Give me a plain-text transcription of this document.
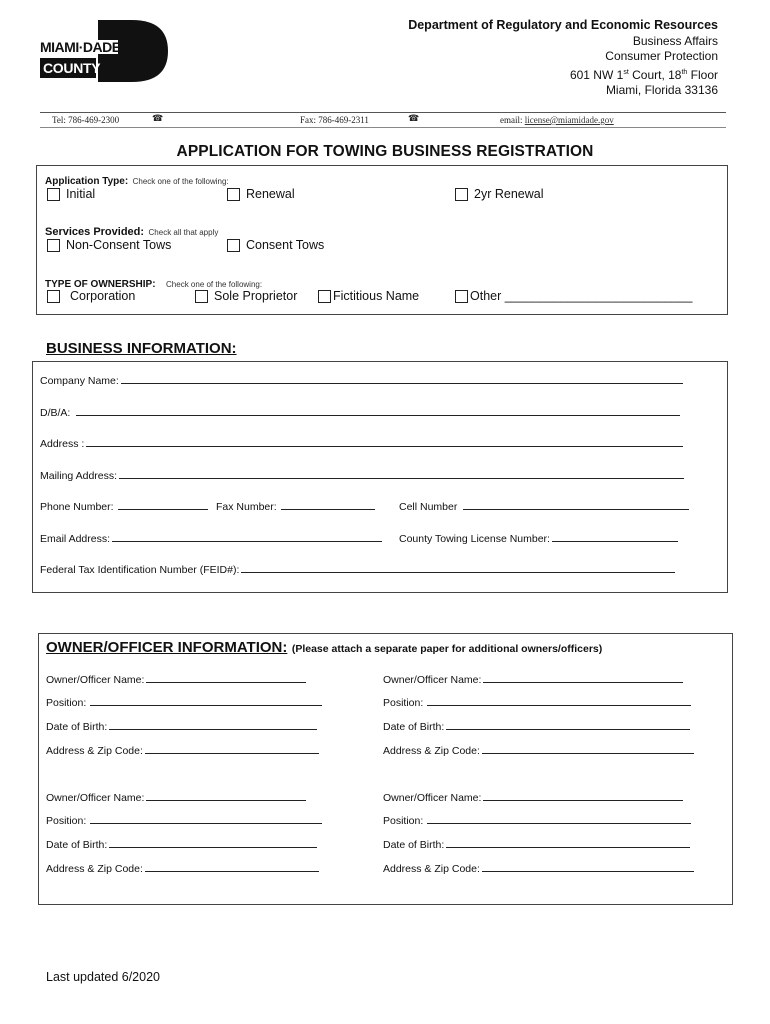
MIAMI·DADE
COUNTY
Department of Regulatory and Economic Resources
Business Affairs
Consumer Protection
601 NW 1st Court, 18th Floor
Miami, Florida 33136
Tel: 786-469-2300	☎	Fax: 786-469-2311	☎	email: license@miamidade.gov
APPLICATION FOR TOWING BUSINESS REGISTRATION
Application Type: Check one of the following:
Initial	Renewal	2yr Renewal
Services Provided: Check all that apply
Non-Consent Tows	Consent Tows
TYPE OF OWNERSHIP: Check one of the following:
Corporation	Sole Proprietor	Fictitious Name	Other ___________________________
BUSINESS INFORMATION:
Company Name:
D/B/A:
Address :
Mailing Address:
Phone Number:	Fax Number:	Cell Number
Email Address:	County Towing License Number:
Federal Tax Identification Number (FEID#):
OWNER/OFFICER INFORMATION: (Please attach a separate paper for additional owners/officers)
Owner/Officer Name:
Position:
Date of Birth:
Address & Zip Code:
Owner/Officer Name:
Position:
Date of Birth:
Address & Zip Code:
Owner/Officer Name:
Position:
Date of Birth:
Address & Zip Code:
Owner/Officer Name:
Position:
Date of Birth:
Address & Zip Code:
Last updated 6/2020
